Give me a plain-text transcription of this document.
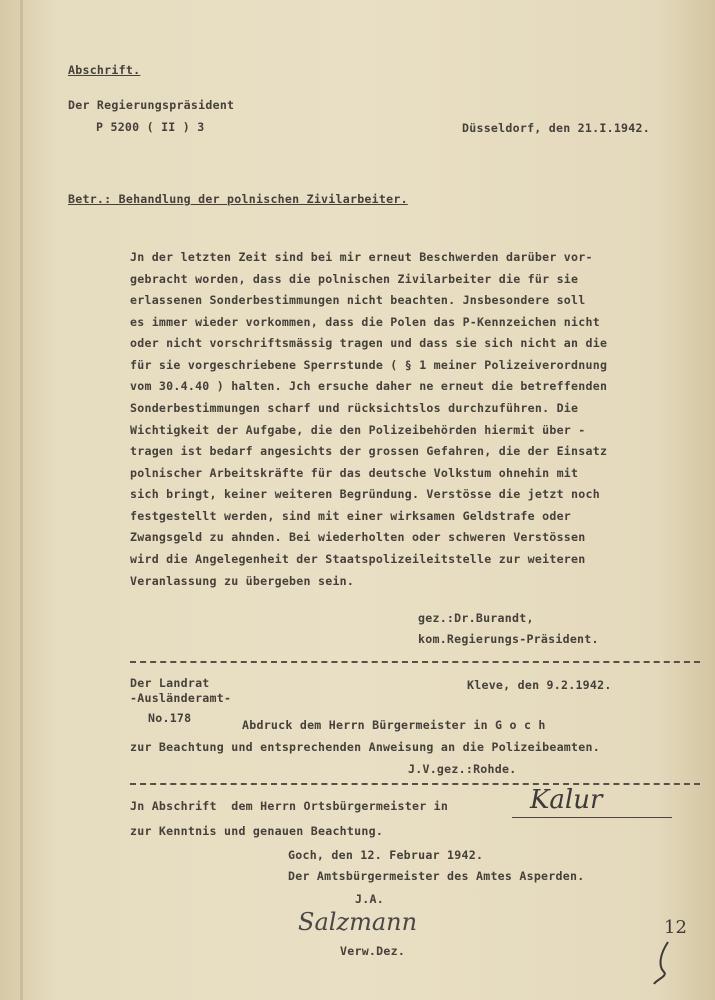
Abschrift.

Der Regierungspräsident

P 5200 ( II ) 3	Düsseldorf, den 21.I.1942.

Betr.: Behandlung der polnischen Zivilarbeiter.

Jn der letzten Zeit sind bei mir erneut Beschwerden darüber vor-

gebracht worden, dass die polnischen Zivilarbeiter die für sie

erlassenen Sonderbestimmungen nicht beachten. Jnsbesondere soll

es immer wieder vorkommen, dass die Polen das P-Kennzeichen nicht

oder nicht vorschriftsmässig tragen und dass sie sich nicht an die

für sie vorgeschriebene Sperrstunde ( § 1 meiner Polizeiverordnung

vom 30.4.40 ) halten. Jch ersuche daher ne erneut die betreffenden

Sonderbestimmungen scharf und rücksichtslos durchzuführen. Die

Wichtigkeit der Aufgabe, die den Polizeibehörden hiermit über -

tragen ist bedarf angesichts der grossen Gefahren, die der Einsatz

polnischer Arbeitskräfte für das deutsche Volkstum ohnehin mit

sich bringt, keiner weiteren Begründung. Verstösse die jetzt noch

festgestellt werden, sind mit einer wirksamen Geldstrafe oder

Zwangsgeld zu ahnden. Bei wiederholten oder schweren Verstössen

wird die Angelegenheit der Staatspolizeileitstelle zur weiteren

Veranlassung zu übergeben sein.

gez.:Dr.Burandt,

kom.Regierungs-Präsident.

Der Landrat

-Ausländeramt-

Kleve, den 9.2.1942.

No.178	Abdruck dem Herrn Bürgermeister in G o c h

zur Beachtung und entsprechenden Anweisung an die Polizeibeamten.

J.V.gez.:Rohde.

Jn Abschrift  dem Herrn Ortsbürgermeister in	Kalur

zur Kenntnis und genauen Beachtung.

Goch, den 12. Februar 1942.

Der Amtsbürgermeister des Amtes Asperden.

J.A.

Salzmann

Verw.Dez.

12
